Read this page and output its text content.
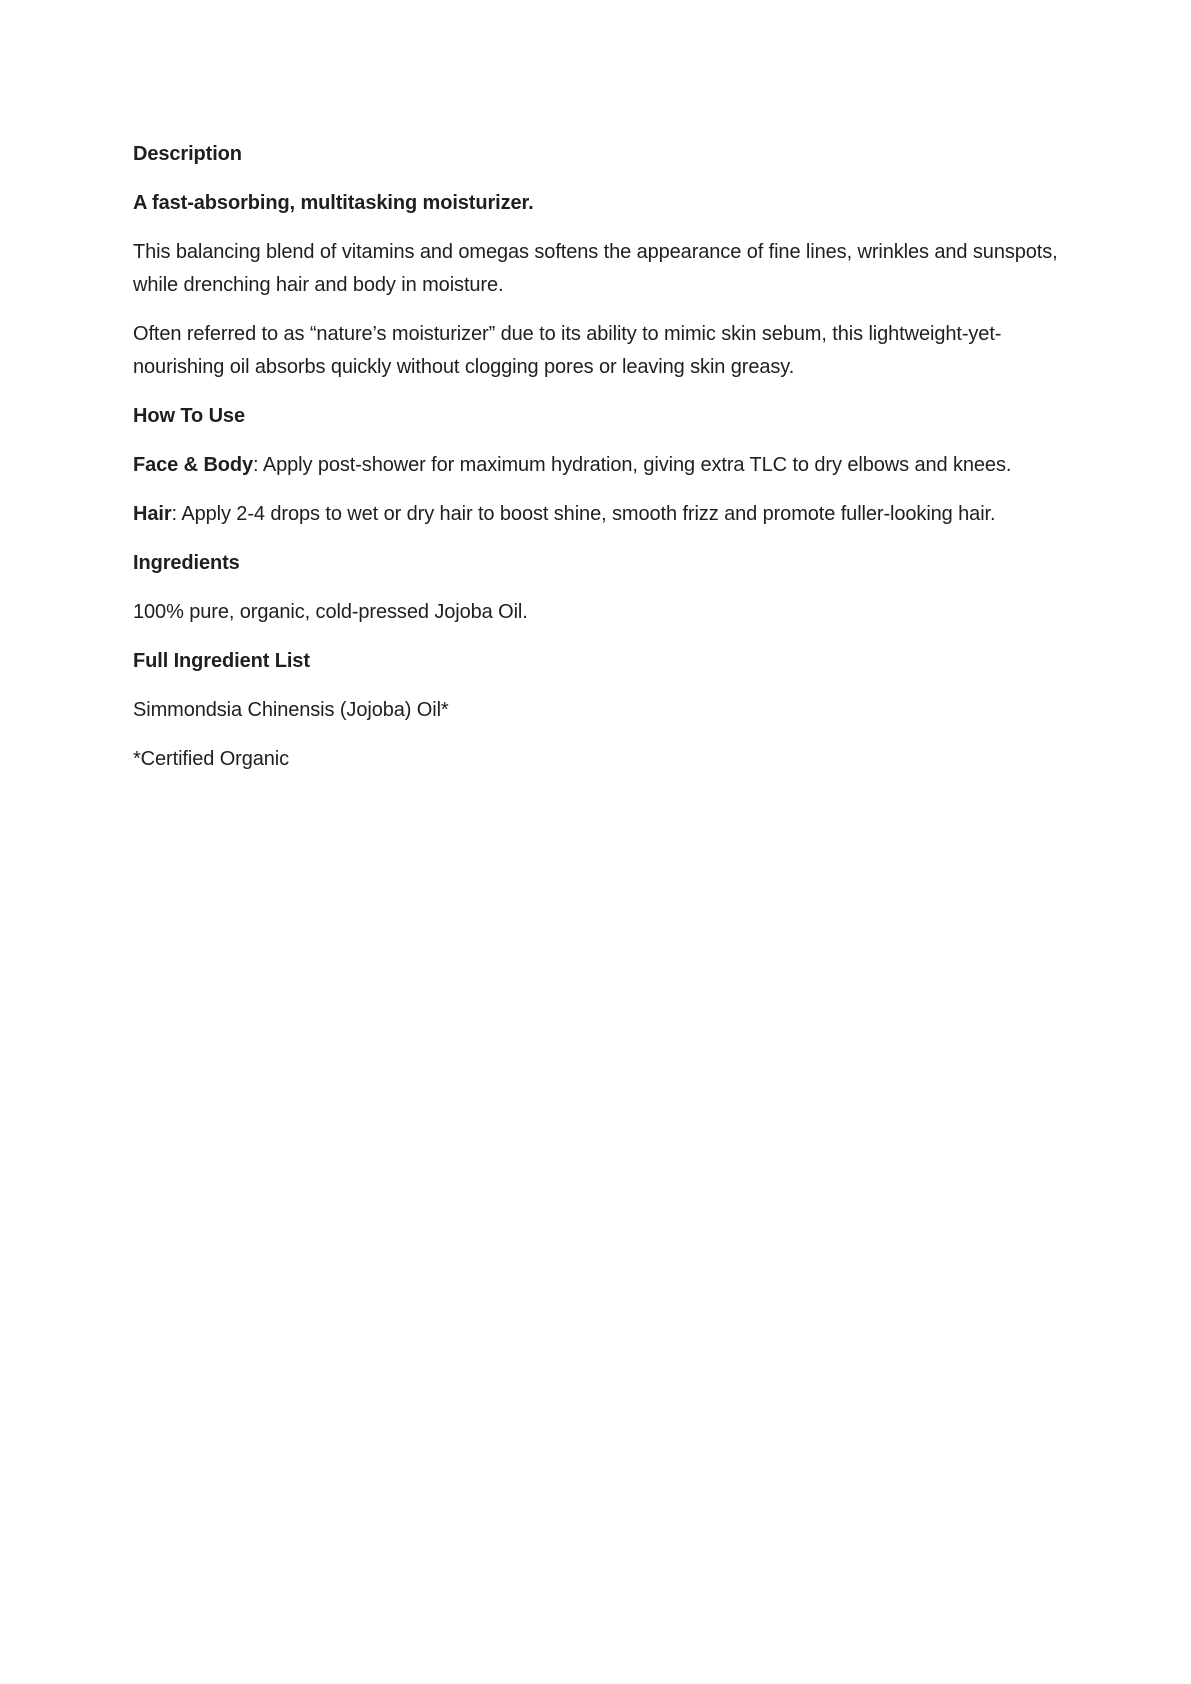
Description

A fast-absorbing, multitasking moisturizer.

This balancing blend of vitamins and omegas softens the appearance of fine lines, wrinkles and sunspots, while drenching hair and body in moisture.

Often referred to as “nature’s moisturizer” due to its ability to mimic skin sebum, this lightweight-yet-nourishing oil absorbs quickly without clogging pores or leaving skin greasy.

How To Use

Face & Body: Apply post-shower for maximum hydration, giving extra TLC to dry elbows and knees.

Hair: Apply 2-4 drops to wet or dry hair to boost shine, smooth frizz and promote fuller-looking hair.

Ingredients

100% pure, organic, cold-pressed Jojoba Oil.

Full Ingredient List

Simmondsia Chinensis (Jojoba) Oil*

*Certified Organic
